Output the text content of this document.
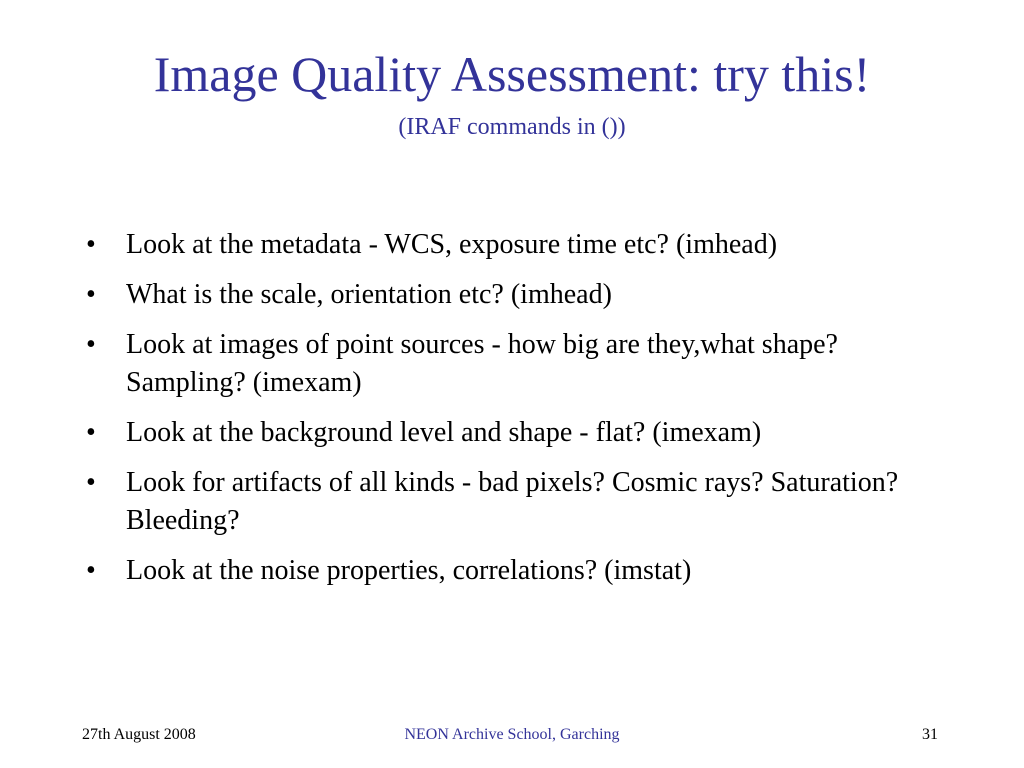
Image Quality Assessment: try this!
(IRAF commands in ())
• Look at the metadata - WCS, exposure time etc? (imhead)
• What is the scale, orientation etc? (imhead)
• Look at images of point sources - how big are they,what shape? Sampling? (imexam)
• Look at the background level and shape - flat? (imexam)
• Look for artifacts of all kinds - bad pixels? Cosmic rays? Saturation? Bleeding?
• Look at the noise properties, correlations? (imstat)
27th August 2008	NEON Archive School, Garching	31
